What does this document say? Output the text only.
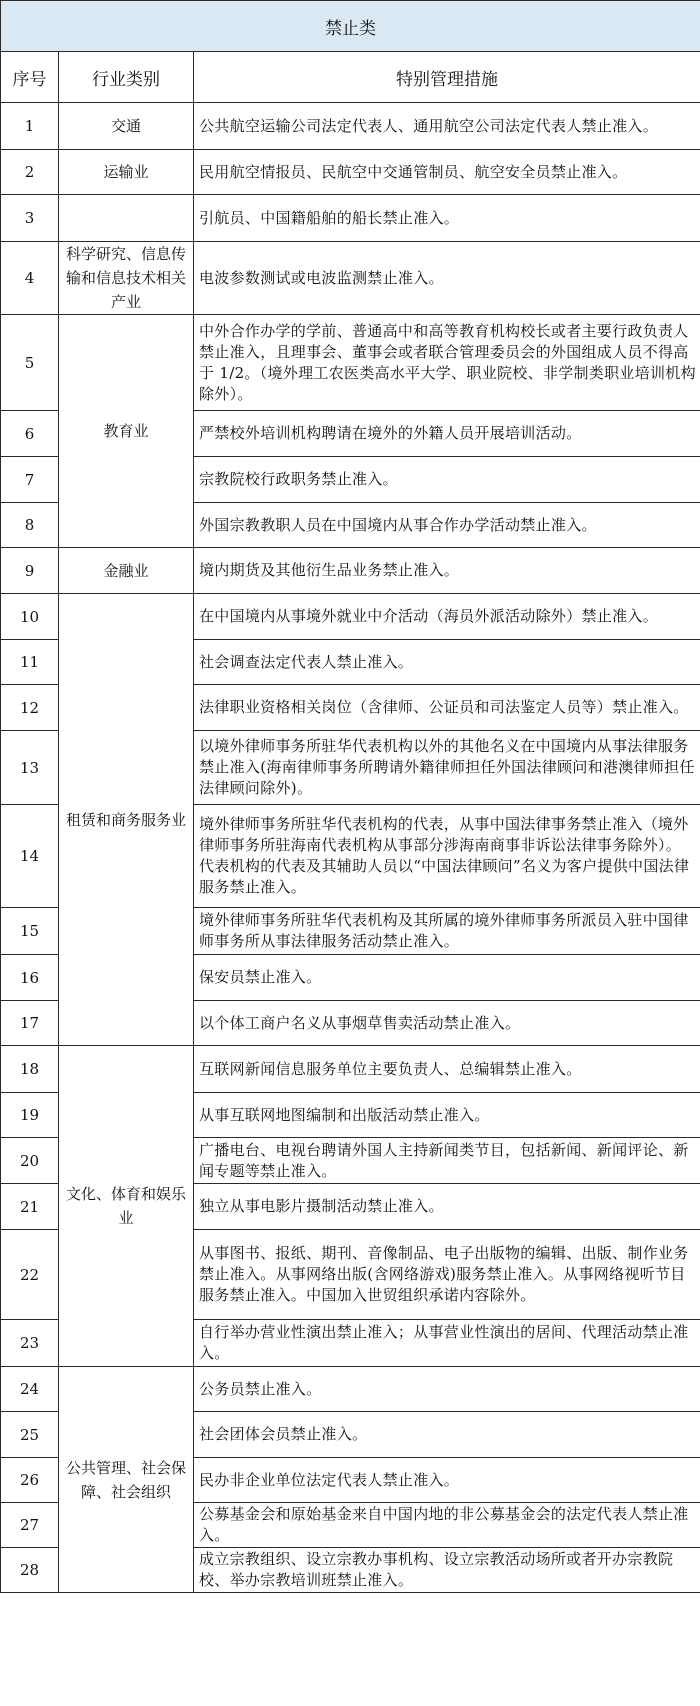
禁止类		
序号	行业类别	特别管理措施
1	交通	公共航空运输公司法定代表人、通用航空公司法定代表人禁止准入。
2	运输业	民用航空情报员、民航空中交通管制员、航空安全员禁止准入。
3		引航员、中国籍船舶的船长禁止准入。
4	科学研究、信息传输和信息技术相关产业	电波参数测试或电波监测禁止准入。
5	教育业	中外合作办学的学前、普通高中和高等教育机构校长或者主要行政负责人禁止准入，且理事会、董事会或者联合管理委员会的外国组成人员不得高于 1/2。（境外理工农医类高水平大学、职业院校、非学制类职业培训机构除外）。
6		严禁校外培训机构聘请在境外的外籍人员开展培训活动。
7		宗教院校行政职务禁止准入。
8		外国宗教教职人员在中国境内从事合作办学活动禁止准入。
9	金融业	境内期货及其他衍生品业务禁止准入。
10	租赁和商务服务业	在中国境内从事境外就业中介活动（海员外派活动除外）禁止准入。
11		社会调查法定代表人禁止准入。
12		法律职业资格相关岗位（含律师、公证员和司法鉴定人员等）禁止准入。
13		以境外律师事务所驻华代表机构以外的其他名义在中国境内从事法律服务禁止准入(海南律师事务所聘请外籍律师担任外国法律顾问和港澳律师担任法律顾问除外)。
14		境外律师事务所驻华代表机构的代表，从事中国法律事务禁止准入（境外律师事务所驻海南代表机构从事部分涉海南商事非诉讼法律事务除外）。代表机构的代表及其辅助人员以“中国法律顾问”名义为客户提供中国法律服务禁止准入。
15		境外律师事务所驻华代表机构及其所属的境外律师事务所派员入驻中国律师事务所从事法律服务活动禁止准入。
16		保安员禁止准入。
17		以个体工商户名义从事烟草售卖活动禁止准入。
18	文化、体育和娱乐业	互联网新闻信息服务单位主要负责人、总编辑禁止准入。
19		从事互联网地图编制和出版活动禁止准入。
20		广播电台、电视台聘请外国人主持新闻类节目，包括新闻、新闻评论、新闻专题等禁止准入。
21		独立从事电影片摄制活动禁止准入。
22		从事图书、报纸、期刊、音像制品、电子出版物的编辑、出版、制作业务禁止准入。从事网络出版(含网络游戏)服务禁止准入。从事网络视听节目服务禁止准入。中国加入世贸组织承诺内容除外。
23		自行举办营业性演出禁止准入；从事营业性演出的居间、代理活动禁止准入。
24	公共管理、社会保障、社会组织	公务员禁止准入。
25		社会团体会员禁止准入。
26		民办非企业单位法定代表人禁止准入。
27		公募基金会和原始基金来自中国内地的非公募基金会的法定代表人禁止准入。
28		成立宗教组织、设立宗教办事机构、设立宗教活动场所或者开办宗教院校、举办宗教培训班禁止准入。
